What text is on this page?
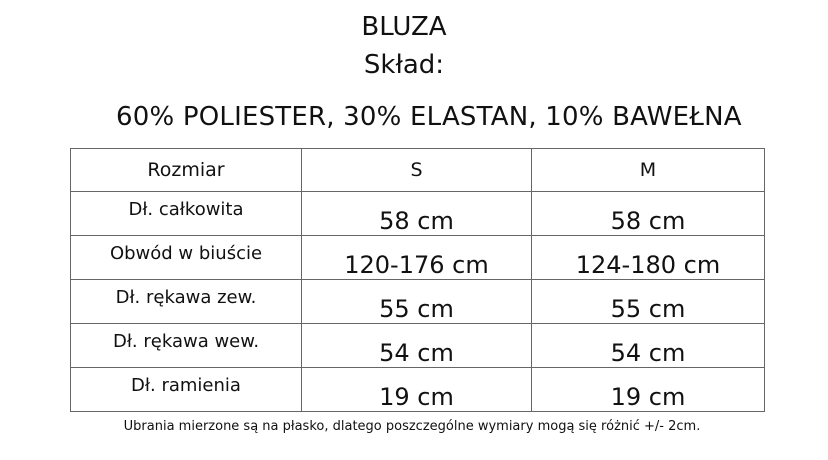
BLUZA
Skład:
60% POLIESTER, 30% ELASTAN, 10% BAWEŁNA
Rozmiar	S	M
Dł. całkowita	58 cm	58 cm
Obwód w biuście	120-176 cm	124-180 cm
Dł. rękawa zew.	55 cm	55 cm
Dł. rękawa wew.	54 cm	54 cm
Dł. ramienia	19 cm	19 cm
Ubrania mierzone są na płasko, dlatego poszczególne wymiary mogą się różnić +/- 2cm.
